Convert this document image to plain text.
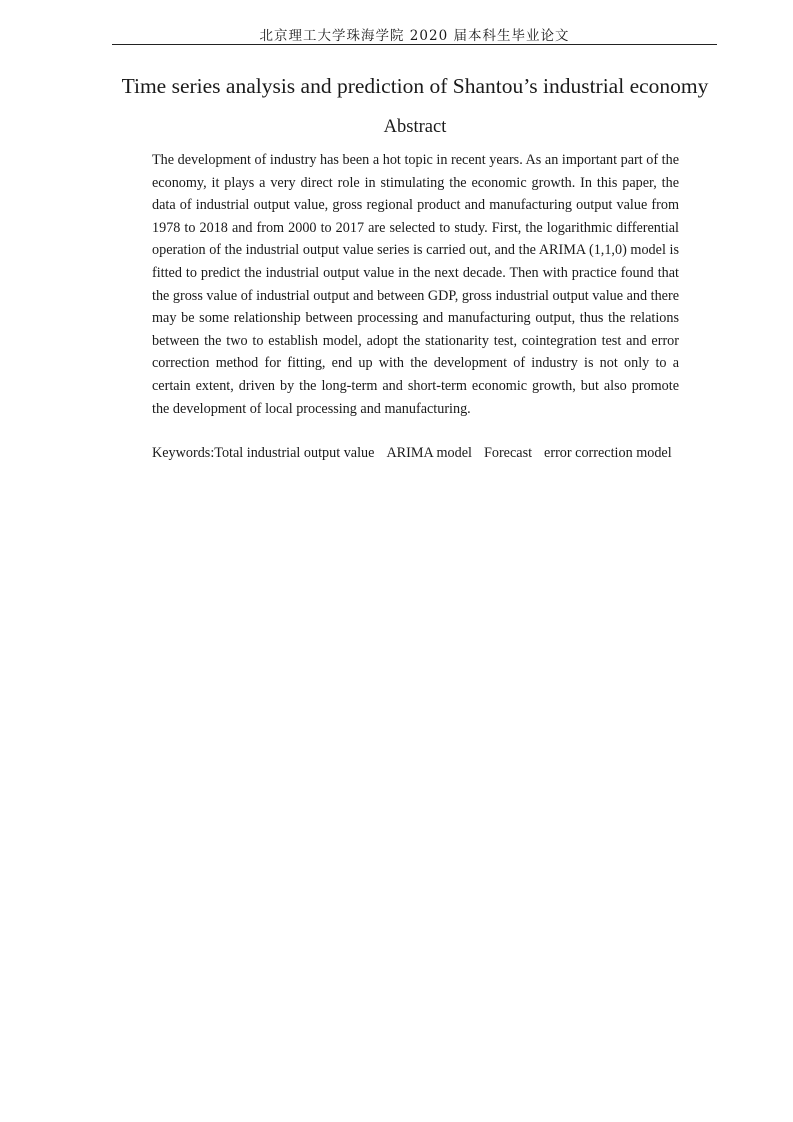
北京理工大学珠海学院 2020 届本科生毕业论文
Time series analysis and prediction of Shantou’s industrial economy
Abstract

The development of industry has been a hot topic in recent years. As an important part of the economy, it plays a very direct role in stimulating the economic growth. In this paper, the data of industrial output value, gross regional product and manufacturing output value from 1978 to 2018 and from 2000 to 2017 are selected to study. First, the logarithmic differential operation of the industrial output value series is carried out, and the ARIMA (1,1,0) model is fitted to predict the industrial output value in the next decade. Then with practice found that the gross value of industrial output and between GDP, gross industrial output value and there may be some relationship between processing and manufacturing output, thus the relations between the two to establish model, adopt the stationarity test, cointegration test and error correction method for fitting, end up with the development of industry is not only to a certain extent, driven by the long-term and short-term economic growth, but also promote the development of local processing and manufacturing.

Keywords:Total industrial output value ARIMA model Forecast error correction model
